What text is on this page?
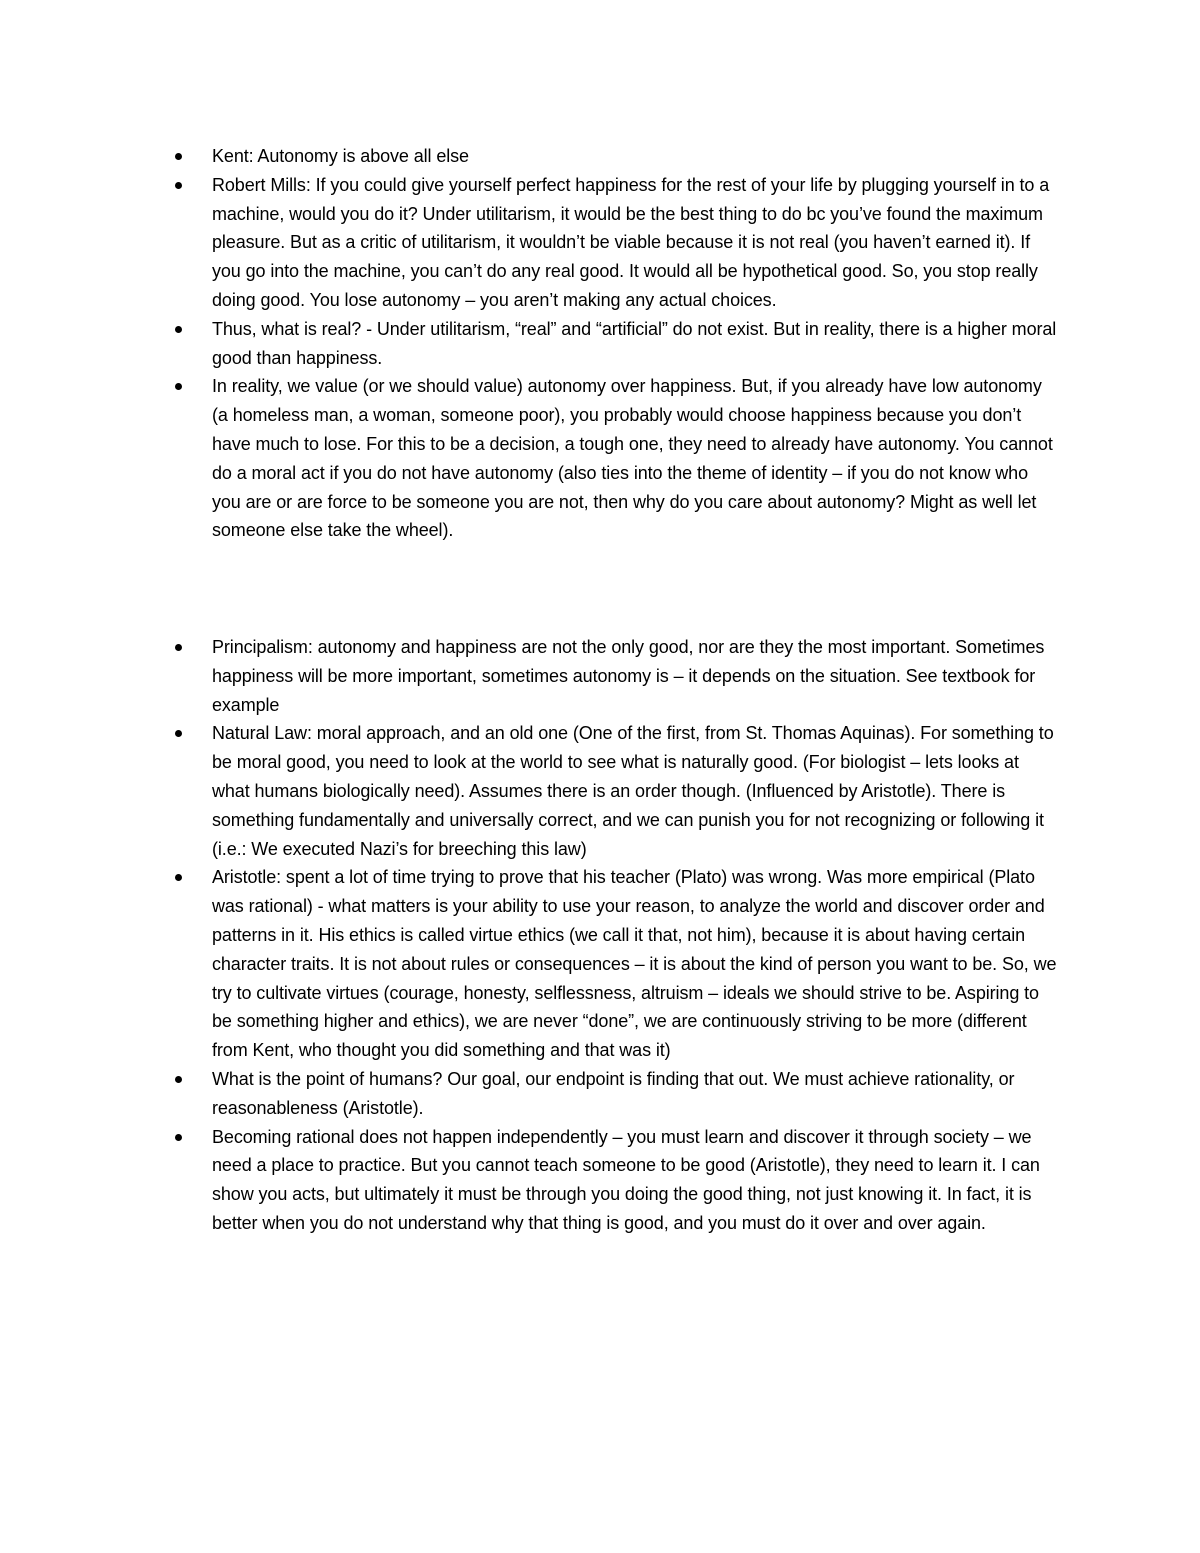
Kent: Autonomy is above all else
Robert Mills: If you could give yourself perfect happiness for the rest of your life by plugging yourself in to a machine, would you do it? Under utilitarism, it would be the best thing to do bc you’ve found the maximum pleasure. But as a critic of utilitarism, it wouldn’t be viable because it is not real (you haven’t earned it). If you go into the machine, you can’t do any real good. It would all be hypothetical good. So, you stop really doing good. You lose autonomy – you aren’t making any actual choices.
Thus, what is real? - Under utilitarism, “real” and “artificial” do not exist. But in reality, there is a higher moral good than happiness.
In reality, we value (or we should value) autonomy over happiness. But, if you already have low autonomy (a homeless man, a woman, someone poor), you probably would choose happiness because you don’t have much to lose. For this to be a decision, a tough one, they need to already have autonomy. You cannot do a moral act if you do not have autonomy (also ties into the theme of identity – if you do not know who you are or are force to be someone you are not, then why do you care about autonomy? Might as well let someone else take the wheel).
Principalism: autonomy and happiness are not the only good, nor are they the most important. Sometimes happiness will be more important, sometimes autonomy is – it depends on the situation. See textbook for example
Natural Law: moral approach, and an old one (One of the first, from St. Thomas Aquinas). For something to be moral good, you need to look at the world to see what is naturally good. (For biologist – lets looks at what humans biologically need). Assumes there is an order though. (Influenced by Aristotle). There is something fundamentally and universally correct, and we can punish you for not recognizing or following it (i.e.: We executed Nazi’s for breeching this law)
Aristotle: spent a lot of time trying to prove that his teacher (Plato) was wrong. Was more empirical (Plato was rational) - what matters is your ability to use your reason, to analyze the world and discover order and patterns in it. His ethics is called virtue ethics (we call it that, not him), because it is about having certain character traits. It is not about rules or consequences – it is about the kind of person you want to be. So, we try to cultivate virtues (courage, honesty, selflessness, altruism – ideals we should strive to be. Aspiring to be something higher and ethics), we are never “done”, we are continuously striving to be more (different from Kent, who thought you did something and that was it)
What is the point of humans? Our goal, our endpoint is finding that out. We must achieve rationality, or reasonableness (Aristotle).
Becoming rational does not happen independently – you must learn and discover it through society – we need a place to practice. But you cannot teach someone to be good (Aristotle), they need to learn it. I can show you acts, but ultimately it must be through you doing the good thing, not just knowing it. In fact, it is better when you do not understand why that thing is good, and you must do it over and over again.
